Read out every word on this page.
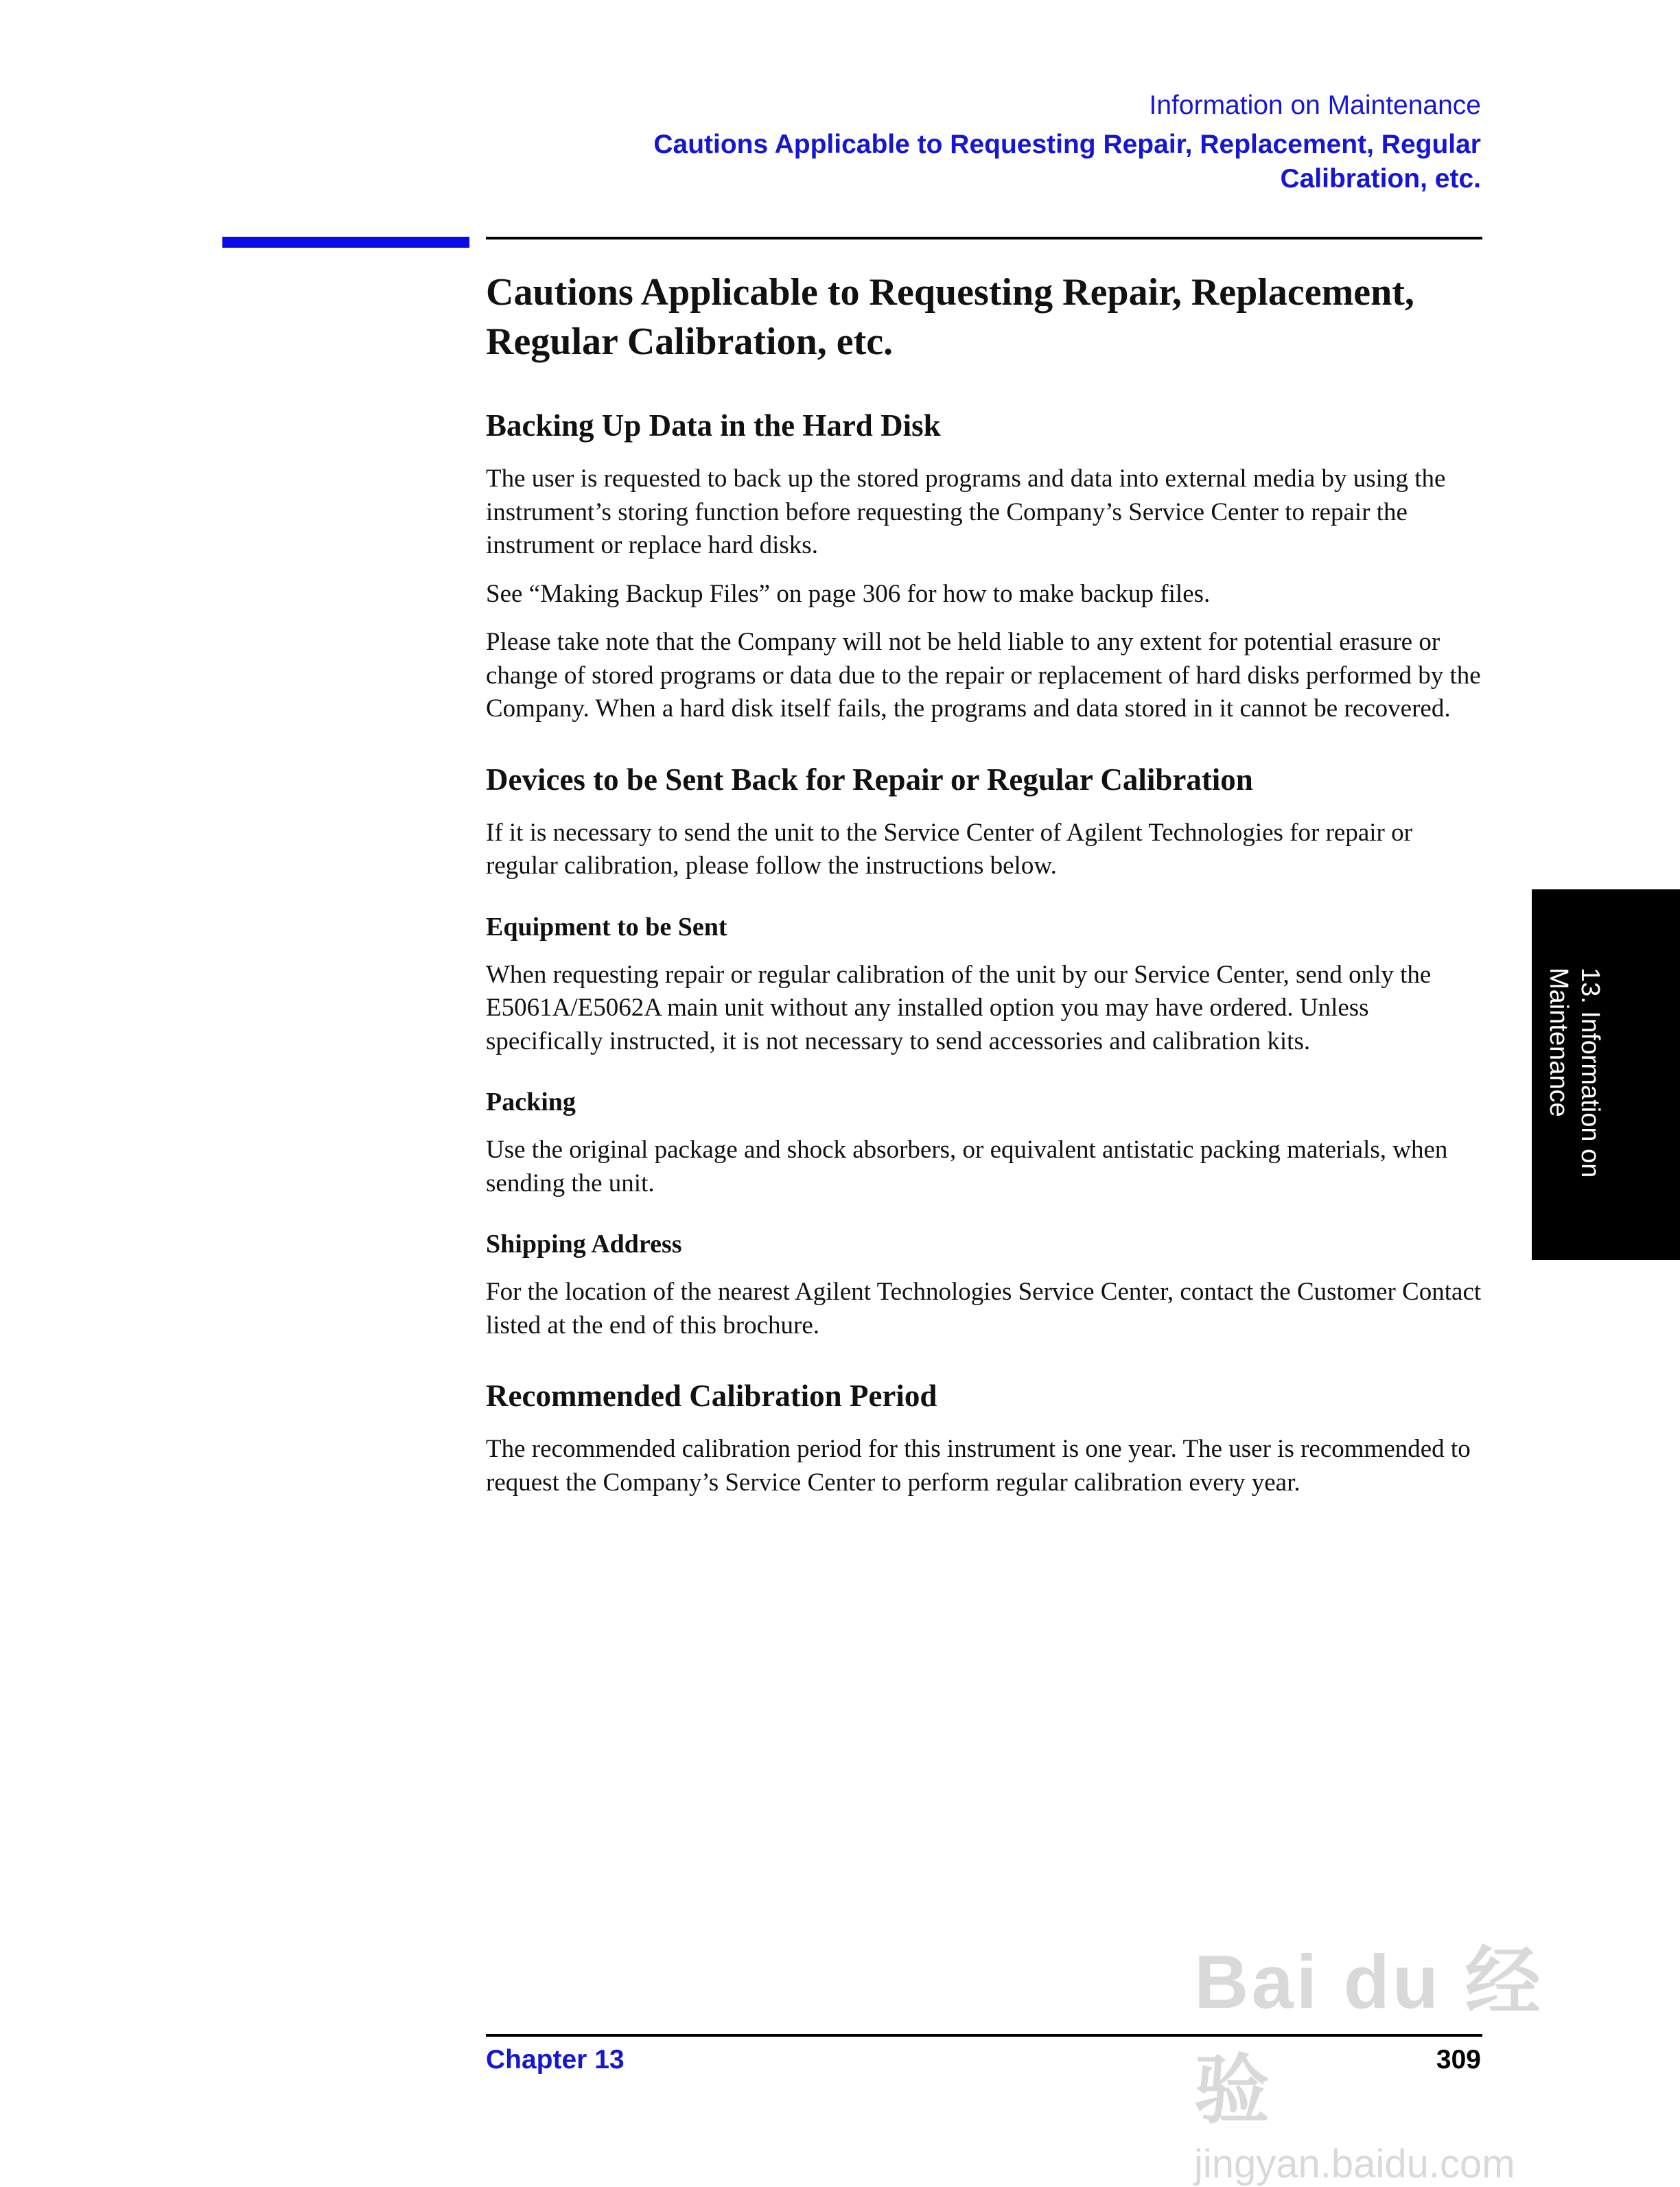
Information on Maintenance
Cautions Applicable to Requesting Repair, Replacement, Regular Calibration, etc.
Cautions Applicable to Requesting Repair, Replacement, Regular Calibration, etc.
Backing Up Data in the Hard Disk

The user is requested to back up the stored programs and data into external media by using the instrument’s storing function before requesting the Company’s Service Center to repair the instrument or replace hard disks.

See “Making Backup Files” on page 306 for how to make backup files.

Please take note that the Company will not be held liable to any extent for potential erasure or change of stored programs or data due to the repair or replacement of hard disks performed by the Company. When a hard disk itself fails, the programs and data stored in it cannot be recovered.

Devices to be Sent Back for Repair or Regular Calibration

If it is necessary to send the unit to the Service Center of Agilent Technologies for repair or regular calibration, please follow the instructions below.

Equipment to be Sent

When requesting repair or regular calibration of the unit by our Service Center, send only the E5061A/E5062A main unit without any installed option you may have ordered. Unless specifically instructed, it is not necessary to send accessories and calibration kits.

Packing

Use the original package and shock absorbers, or equivalent antistatic packing materials, when sending the unit.

Shipping Address

For the location of the nearest Agilent Technologies Service Center, contact the Customer Contact listed at the end of this brochure.

Recommended Calibration Period

The recommended calibration period for this instrument is one year. The user is recommended to request the Company’s Service Center to perform regular calibration every year.

13. Information on
Maintenance
Chapter 13	309
Bai du 经验
jingyan.baidu.com
